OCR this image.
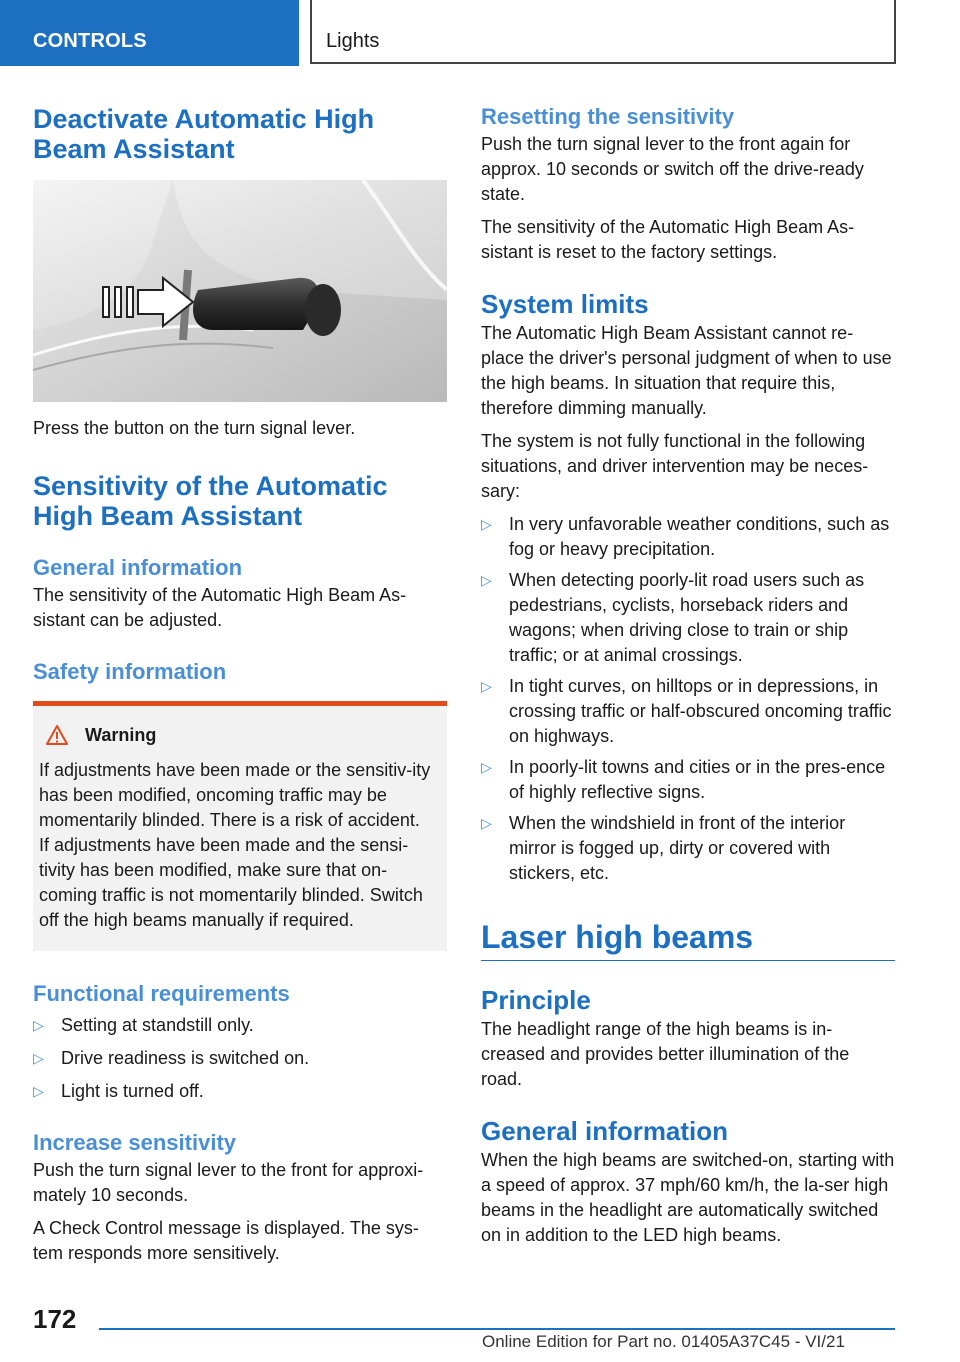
CONTROLS	Lights
Deactivate Automatic High Beam Assistant

Press the button on the turn signal lever.

Sensitivity of the Automatic High Beam Assistant
General information

The sensitivity of the Automatic High Beam As-sistant can be adjusted.

Safety information
Warning

If adjustments have been made or the sensitiv-ity has been modified, oncoming traffic may be momentarily blinded. There is a risk of accident.

If adjustments have been made and the sensi-tivity has been modified, make sure that on-coming traffic is not momentarily blinded. Switch off the high beams manually if required.

Functional requirements
▷ Setting at standstill only.
▷ Drive readiness is switched on.
▷ Light is turned off.
Increase sensitivity

Push the turn signal lever to the front for approxi-mately 10 seconds.

A Check Control message is displayed. The sys-tem responds more sensitively.

Resetting the sensitivity

Push the turn signal lever to the front again for approx. 10 seconds or switch off the drive-ready state.

The sensitivity of the Automatic High Beam As-sistant is reset to the factory settings.

System limits

The Automatic High Beam Assistant cannot re-place the driver's personal judgment of when to use the high beams. In situation that require this, therefore dimming manually.

The system is not fully functional in the following situations, and driver intervention may be neces-sary:

▷ In very unfavorable weather conditions, such as fog or heavy precipitation.
▷ When detecting poorly-lit road users such as pedestrians, cyclists, horseback riders and wagons; when driving close to train or ship traffic; or at animal crossings.
▷ In tight curves, on hilltops or in depressions, in crossing traffic or half-obscured oncoming traffic on highways.
▷ In poorly-lit towns and cities or in the pres-ence of highly reflective signs.
▷ When the windshield in front of the interior mirror is fogged up, dirty or covered with stickers, etc.
Laser high beams
Principle

The headlight range of the high beams is in-creased and provides better illumination of the road.

General information

When the high beams are switched-on, starting with a speed of approx. 37 mph/60 km/h, the la-ser high beams in the headlight are automatically switched on in addition to the LED high beams.

172
Online Edition for Part no. 01405A37C45 - VI/21
